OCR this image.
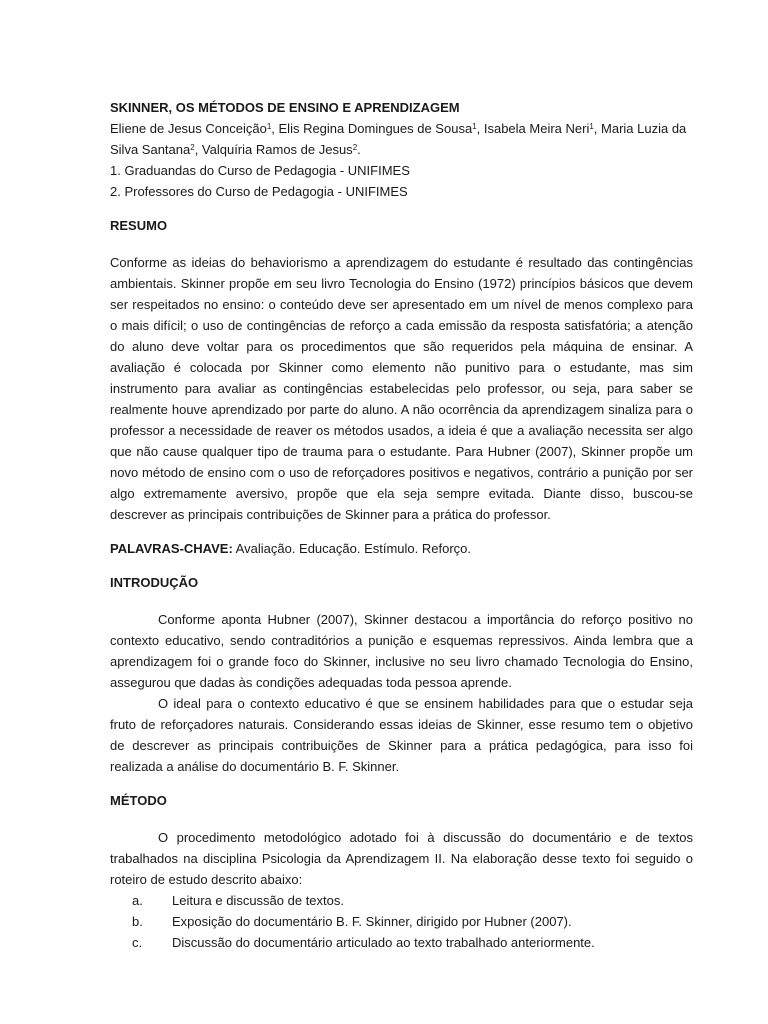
SKINNER, OS MÉTODOS DE ENSINO E APRENDIZAGEM

Eliene de Jesus Conceição$^1$, Elis Regina Domingues de Sousa$^1$, Isabela Meira Neri$^1$, Maria Luzia da

Silva Santana$^2$, Valquíria Ramos de Jesus$^2$.

1. Graduandas do Curso de Pedagogia - UNIFIMES

2. Professores do Curso de Pedagogia - UNIFIMES

RESUMO

Conforme as ideias do behaviorismo a aprendizagem do estudante é resultado das contingências ambientais. Skinner propõe em seu livro Tecnologia do Ensino (1972) princípios básicos que devem ser respeitados no ensino: o conteúdo deve ser apresentado em um nível de menos complexo para o mais difícil; o uso de contingências de reforço a cada emissão da resposta satisfatória; a atenção do aluno deve voltar para os procedimentos que são requeridos pela máquina de ensinar. A avaliação é colocada por Skinner como elemento não punitivo para o estudante, mas sim instrumento para avaliar as contingências estabelecidas pelo professor, ou seja, para saber se realmente houve aprendizado por parte do aluno. A não ocorrência da aprendizagem sinaliza para o professor a necessidade de reaver os métodos usados, a ideia é que a avaliação necessita ser algo que não cause qualquer tipo de trauma para o estudante. Para Hubner (2007), Skinner propõe um novo método de ensino com o uso de reforçadores positivos e negativos, contrário a punição por ser algo extremamente aversivo, propõe que ela seja sempre evitada. Diante disso, buscou-se descrever as principais contribuições de Skinner para a prática do professor.

PALAVRAS-CHAVE: Avaliação. Educação. Estímulo. Reforço.

INTRODUÇÃO

Conforme aponta Hubner (2007), Skinner destacou a importância do reforço positivo no contexto educativo, sendo contraditórios a punição e esquemas repressivos. Ainda lembra que a aprendizagem foi o grande foco do Skinner, inclusive no seu livro chamado Tecnologia do Ensino, assegurou que dadas às condições adequadas toda pessoa aprende.

O ideal para o contexto educativo é que se ensinem habilidades para que o estudar seja fruto de reforçadores naturais. Considerando essas ideias de Skinner, esse resumo tem o objetivo de descrever as principais contribuições de Skinner para a prática pedagógica, para isso foi realizada a análise do documentário B. F. Skinner.

MÉTODO

O procedimento metodológico adotado foi à discussão do documentário e de textos trabalhados na disciplina Psicologia da Aprendizagem II. Na elaboração desse texto foi seguido o roteiro de estudo descrito abaixo:

a.	Leitura e discussão de textos.
b.	Exposição do documentário B. F. Skinner, dirigido por Hubner (2007).
c.	Discussão do documentário articulado ao texto trabalhado anteriormente.
